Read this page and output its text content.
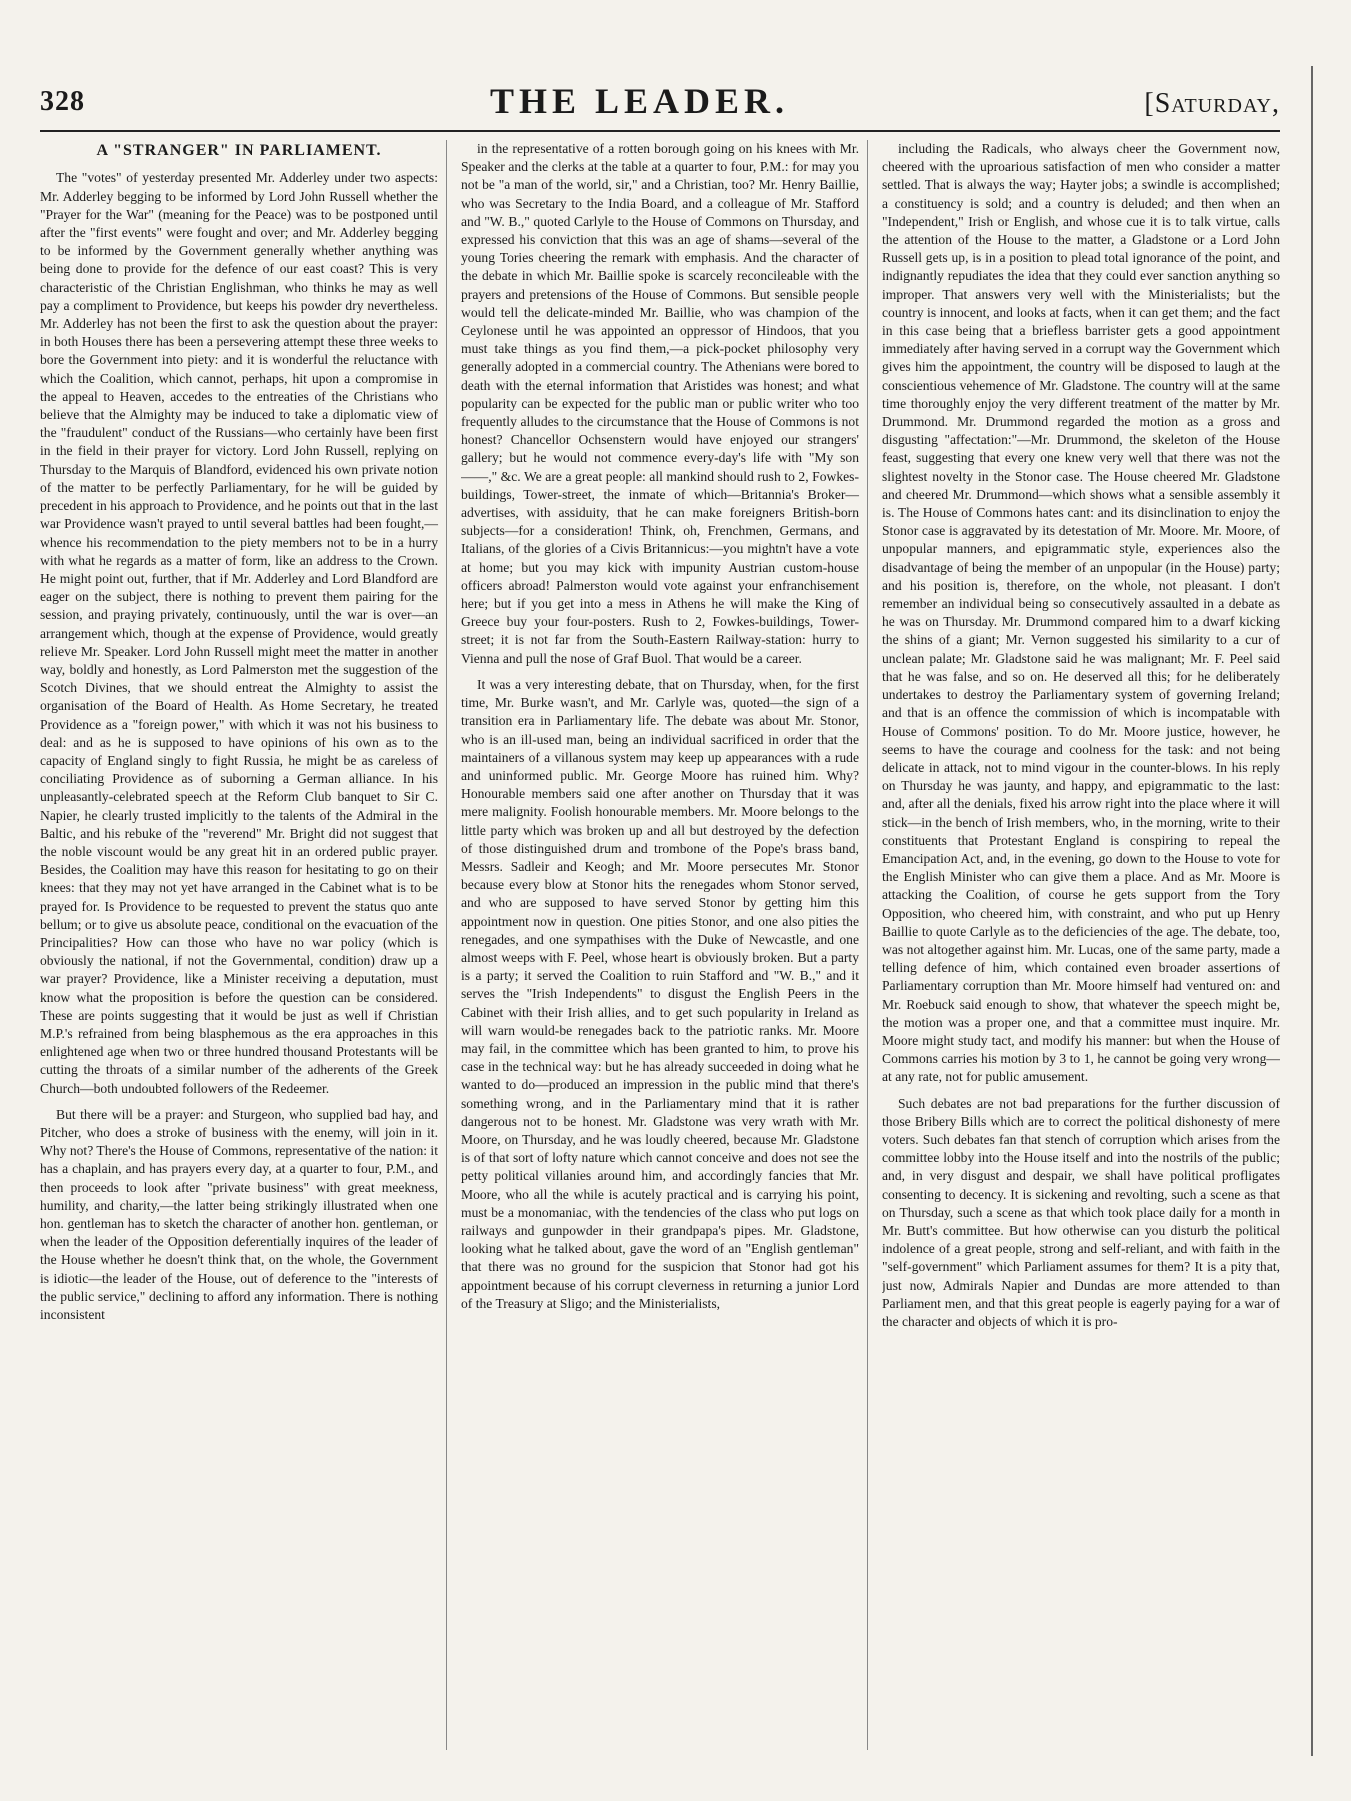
328	THE LEADER.	[Saturday,
A "STRANGER" IN PARLIAMENT.

The "votes" of yesterday presented Mr. Adderley under two aspects: Mr. Adderley begging to be informed by Lord John Russell whether the "Prayer for the War" (meaning for the Peace) was to be postponed until after the "first events" were fought and over; and Mr. Adderley begging to be informed by the Government generally whether anything was being done to provide for the defence of our east coast? This is very characteristic of the Christian Englishman, who thinks he may as well pay a compliment to Providence, but keeps his powder dry nevertheless. Mr. Adderley has not been the first to ask the question about the prayer: in both Houses there has been a persevering attempt these three weeks to bore the Government into piety: and it is wonderful the reluctance with which the Coalition, which cannot, perhaps, hit upon a compromise in the appeal to Heaven, accedes to the entreaties of the Christians who believe that the Almighty may be induced to take a diplomatic view of the "fraudulent" conduct of the Russians—who certainly have been first in the field in their prayer for victory. Lord John Russell, replying on Thursday to the Marquis of Blandford, evidenced his own private notion of the matter to be perfectly Parliamentary, for he will be guided by precedent in his approach to Providence, and he points out that in the last war Providence wasn't prayed to until several battles had been fought,—whence his recommendation to the piety members not to be in a hurry with what he regards as a matter of form, like an address to the Crown. He might point out, further, that if Mr. Adderley and Lord Blandford are eager on the subject, there is nothing to prevent them pairing for the session, and praying privately, continuously, until the war is over—an arrangement which, though at the expense of Providence, would greatly relieve Mr. Speaker. Lord John Russell might meet the matter in another way, boldly and honestly, as Lord Palmerston met the suggestion of the Scotch Divines, that we should entreat the Almighty to assist the organisation of the Board of Health. As Home Secretary, he treated Providence as a "foreign power," with which it was not his business to deal: and as he is supposed to have opinions of his own as to the capacity of England singly to fight Russia, he might be as careless of conciliating Providence as of suborning a German alliance. In his unpleasantly-celebrated speech at the Reform Club banquet to Sir C. Napier, he clearly trusted implicitly to the talents of the Admiral in the Baltic, and his rebuke of the "reverend" Mr. Bright did not suggest that the noble viscount would be any great hit in an ordered public prayer. Besides, the Coalition may have this reason for hesitating to go on their knees: that they may not yet have arranged in the Cabinet what is to be prayed for. Is Providence to be requested to prevent the status quo ante bellum; or to give us absolute peace, conditional on the evacuation of the Principalities? How can those who have no war policy (which is obviously the national, if not the Governmental, condition) draw up a war prayer? Providence, like a Minister receiving a deputation, must know what the proposition is before the question can be considered. These are points suggesting that it would be just as well if Christian M.P.'s refrained from being blasphemous as the era approaches in this enlightened age when two or three hundred thousand Protestants will be cutting the throats of a similar number of the adherents of the Greek Church—both undoubted followers of the Redeemer.

But there will be a prayer: and Sturgeon, who supplied bad hay, and Pitcher, who does a stroke of business with the enemy, will join in it. Why not? There's the House of Commons, representative of the nation: it has a chaplain, and has prayers every day, at a quarter to four, P.M., and then proceeds to look after "private business" with great meekness, humility, and charity,—the latter being strikingly illustrated when one hon. gentleman has to sketch the character of another hon. gentleman, or when the leader of the Opposition deferentially inquires of the leader of the House whether he doesn't think that, on the whole, the Government is idiotic—the leader of the House, out of deference to the "interests of the public service," declining to afford any information. There is nothing inconsistent

in the representative of a rotten borough going on his knees with Mr. Speaker and the clerks at the table at a quarter to four, P.M.: for may you not be "a man of the world, sir," and a Christian, too? Mr. Henry Baillie, who was Secretary to the India Board, and a colleague of Mr. Stafford and "W. B.," quoted Carlyle to the House of Commons on Thursday, and expressed his conviction that this was an age of shams—several of the young Tories cheering the remark with emphasis. And the character of the debate in which Mr. Baillie spoke is scarcely reconcileable with the prayers and pretensions of the House of Commons. But sensible people would tell the delicate-minded Mr. Baillie, who was champion of the Ceylonese until he was appointed an oppressor of Hindoos, that you must take things as you find them,—a pick-pocket philosophy very generally adopted in a commercial country. The Athenians were bored to death with the eternal information that Aristides was honest; and what popularity can be expected for the public man or public writer who too frequently alludes to the circumstance that the House of Commons is not honest? Chancellor Ochsenstern would have enjoyed our strangers' gallery; but he would not commence every-day's life with "My son——," &c. We are a great people: all mankind should rush to 2, Fowkes-buildings, Tower-street, the inmate of which—Britannia's Broker—advertises, with assiduity, that he can make foreigners British-born subjects—for a consideration! Think, oh, Frenchmen, Germans, and Italians, of the glories of a Civis Britannicus:—you mightn't have a vote at home; but you may kick with impunity Austrian custom-house officers abroad! Palmerston would vote against your enfranchisement here; but if you get into a mess in Athens he will make the King of Greece buy your four-posters. Rush to 2, Fowkes-buildings, Tower-street; it is not far from the South-Eastern Railway-station: hurry to Vienna and pull the nose of Graf Buol. That would be a career.

It was a very interesting debate, that on Thursday, when, for the first time, Mr. Burke wasn't, and Mr. Carlyle was, quoted—the sign of a transition era in Parliamentary life. The debate was about Mr. Stonor, who is an ill-used man, being an individual sacrificed in order that the maintainers of a villanous system may keep up appearances with a rude and uninformed public. Mr. George Moore has ruined him. Why? Honourable members said one after another on Thursday that it was mere malignity. Foolish honourable members. Mr. Moore belongs to the little party which was broken up and all but destroyed by the defection of those distinguished drum and trombone of the Pope's brass band, Messrs. Sadleir and Keogh; and Mr. Moore persecutes Mr. Stonor because every blow at Stonor hits the renegades whom Stonor served, and who are supposed to have served Stonor by getting him this appointment now in question. One pities Stonor, and one also pities the renegades, and one sympathises with the Duke of Newcastle, and one almost weeps with F. Peel, whose heart is obviously broken. But a party is a party; it served the Coalition to ruin Stafford and "W. B.," and it serves the "Irish Independents" to disgust the English Peers in the Cabinet with their Irish allies, and to get such popularity in Ireland as will warn would-be renegades back to the patriotic ranks. Mr. Moore may fail, in the committee which has been granted to him, to prove his case in the technical way: but he has already succeeded in doing what he wanted to do—produced an impression in the public mind that there's something wrong, and in the Parliamentary mind that it is rather dangerous not to be honest. Mr. Gladstone was very wrath with Mr. Moore, on Thursday, and he was loudly cheered, because Mr. Gladstone is of that sort of lofty nature which cannot conceive and does not see the petty political villanies around him, and accordingly fancies that Mr. Moore, who all the while is acutely practical and is carrying his point, must be a monomaniac, with the tendencies of the class who put logs on railways and gunpowder in their grandpapa's pipes. Mr. Gladstone, looking what he talked about, gave the word of an "English gentleman" that there was no ground for the suspicion that Stonor had got his appointment because of his corrupt cleverness in returning a junior Lord of the Treasury at Sligo; and the Ministerialists,

including the Radicals, who always cheer the Government now, cheered with the uproarious satisfaction of men who consider a matter settled. That is always the way; Hayter jobs; a swindle is accomplished; a constituency is sold; and a country is deluded; and then when an "Independent," Irish or English, and whose cue it is to talk virtue, calls the attention of the House to the matter, a Gladstone or a Lord John Russell gets up, is in a position to plead total ignorance of the point, and indignantly repudiates the idea that they could ever sanction anything so improper. That answers very well with the Ministerialists; but the country is innocent, and looks at facts, when it can get them; and the fact in this case being that a briefless barrister gets a good appointment immediately after having served in a corrupt way the Government which gives him the appointment, the country will be disposed to laugh at the conscientious vehemence of Mr. Gladstone. The country will at the same time thoroughly enjoy the very different treatment of the matter by Mr. Drummond. Mr. Drummond regarded the motion as a gross and disgusting "affectation:"—Mr. Drummond, the skeleton of the House feast, suggesting that every one knew very well that there was not the slightest novelty in the Stonor case. The House cheered Mr. Gladstone and cheered Mr. Drummond—which shows what a sensible assembly it is. The House of Commons hates cant: and its disinclination to enjoy the Stonor case is aggravated by its detestation of Mr. Moore. Mr. Moore, of unpopular manners, and epigrammatic style, experiences also the disadvantage of being the member of an unpopular (in the House) party; and his position is, therefore, on the whole, not pleasant. I don't remember an individual being so consecutively assaulted in a debate as he was on Thursday. Mr. Drummond compared him to a dwarf kicking the shins of a giant; Mr. Vernon suggested his similarity to a cur of unclean palate; Mr. Gladstone said he was malignant; Mr. F. Peel said that he was false, and so on. He deserved all this; for he deliberately undertakes to destroy the Parliamentary system of governing Ireland; and that is an offence the commission of which is incompatable with House of Commons' position. To do Mr. Moore justice, however, he seems to have the courage and coolness for the task: and not being delicate in attack, not to mind vigour in the counter-blows. In his reply on Thursday he was jaunty, and happy, and epigrammatic to the last: and, after all the denials, fixed his arrow right into the place where it will stick—in the bench of Irish members, who, in the morning, write to their constituents that Protestant England is conspiring to repeal the Emancipation Act, and, in the evening, go down to the House to vote for the English Minister who can give them a place. And as Mr. Moore is attacking the Coalition, of course he gets support from the Tory Opposition, who cheered him, with constraint, and who put up Henry Baillie to quote Carlyle as to the deficiencies of the age. The debate, too, was not altogether against him. Mr. Lucas, one of the same party, made a telling defence of him, which contained even broader assertions of Parliamentary corruption than Mr. Moore himself had ventured on: and Mr. Roebuck said enough to show, that whatever the speech might be, the motion was a proper one, and that a committee must inquire. Mr. Moore might study tact, and modify his manner: but when the House of Commons carries his motion by 3 to 1, he cannot be going very wrong—at any rate, not for public amusement.

Such debates are not bad preparations for the further discussion of those Bribery Bills which are to correct the political dishonesty of mere voters. Such debates fan that stench of corruption which arises from the committee lobby into the House itself and into the nostrils of the public; and, in very disgust and despair, we shall have political profligates consenting to decency. It is sickening and revolting, such a scene as that on Thursday, such a scene as that which took place daily for a month in Mr. Butt's committee. But how otherwise can you disturb the political indolence of a great people, strong and self-reliant, and with faith in the "self-government" which Parliament assumes for them? It is a pity that, just now, Admirals Napier and Dundas are more attended to than Parliament men, and that this great people is eagerly paying for a war of the character and objects of which it is pro-
